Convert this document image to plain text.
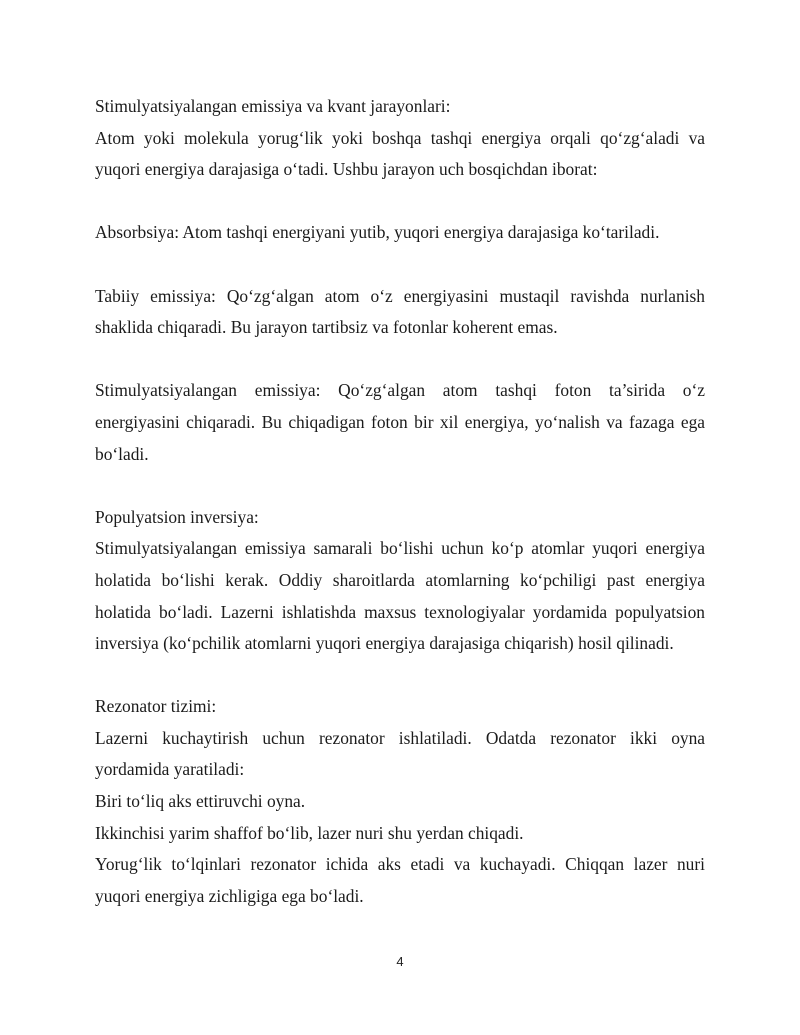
Stimulyatsiyalangan emissiya va kvant jarayonlari:
Atom yoki molekula yorug‘lik yoki boshqa tashqi energiya orqali qo‘zg‘aladi va
yuqori energiya darajasiga o‘tadi. Ushbu jarayon uch bosqichdan iborat:
Absorbsiya: Atom tashqi energiyani yutib, yuqori energiya darajasiga ko‘tariladi.
Tabiiy emissiya: Qo‘zg‘algan atom o‘z energiyasini mustaqil ravishda nurlanish
shaklida chiqaradi. Bu jarayon tartibsiz va fotonlar koherent emas.
Stimulyatsiyalangan emissiya: Qo‘zg‘algan atom tashqi foton ta’sirida o‘z
energiyasini chiqaradi. Bu chiqadigan foton bir xil energiya, yo‘nalish va fazaga ega
bo‘ladi.
Populyatsion inversiya:
Stimulyatsiyalangan emissiya samarali bo‘lishi uchun ko‘p atomlar yuqori energiya
holatida bo‘lishi kerak. Oddiy sharoitlarda atomlarning ko‘pchiligi past energiya
holatida bo‘ladi. Lazerni ishlatishda maxsus texnologiyalar yordamida populyatsion
inversiya (ko‘pchilik atomlarni yuqori energiya darajasiga chiqarish) hosil qilinadi.
Rezonator tizimi:
Lazerni kuchaytirish uchun rezonator ishlatiladi. Odatda rezonator ikki oyna
yordamida yaratiladi:
Biri to‘liq aks ettiruvchi oyna.
Ikkinchisi yarim shaffof bo‘lib, lazer nuri shu yerdan chiqadi.
Yorug‘lik to‘lqinlari rezonator ichida aks etadi va kuchayadi. Chiqqan lazer nuri
yuqori energiya zichligiga ega bo‘ladi.
4
